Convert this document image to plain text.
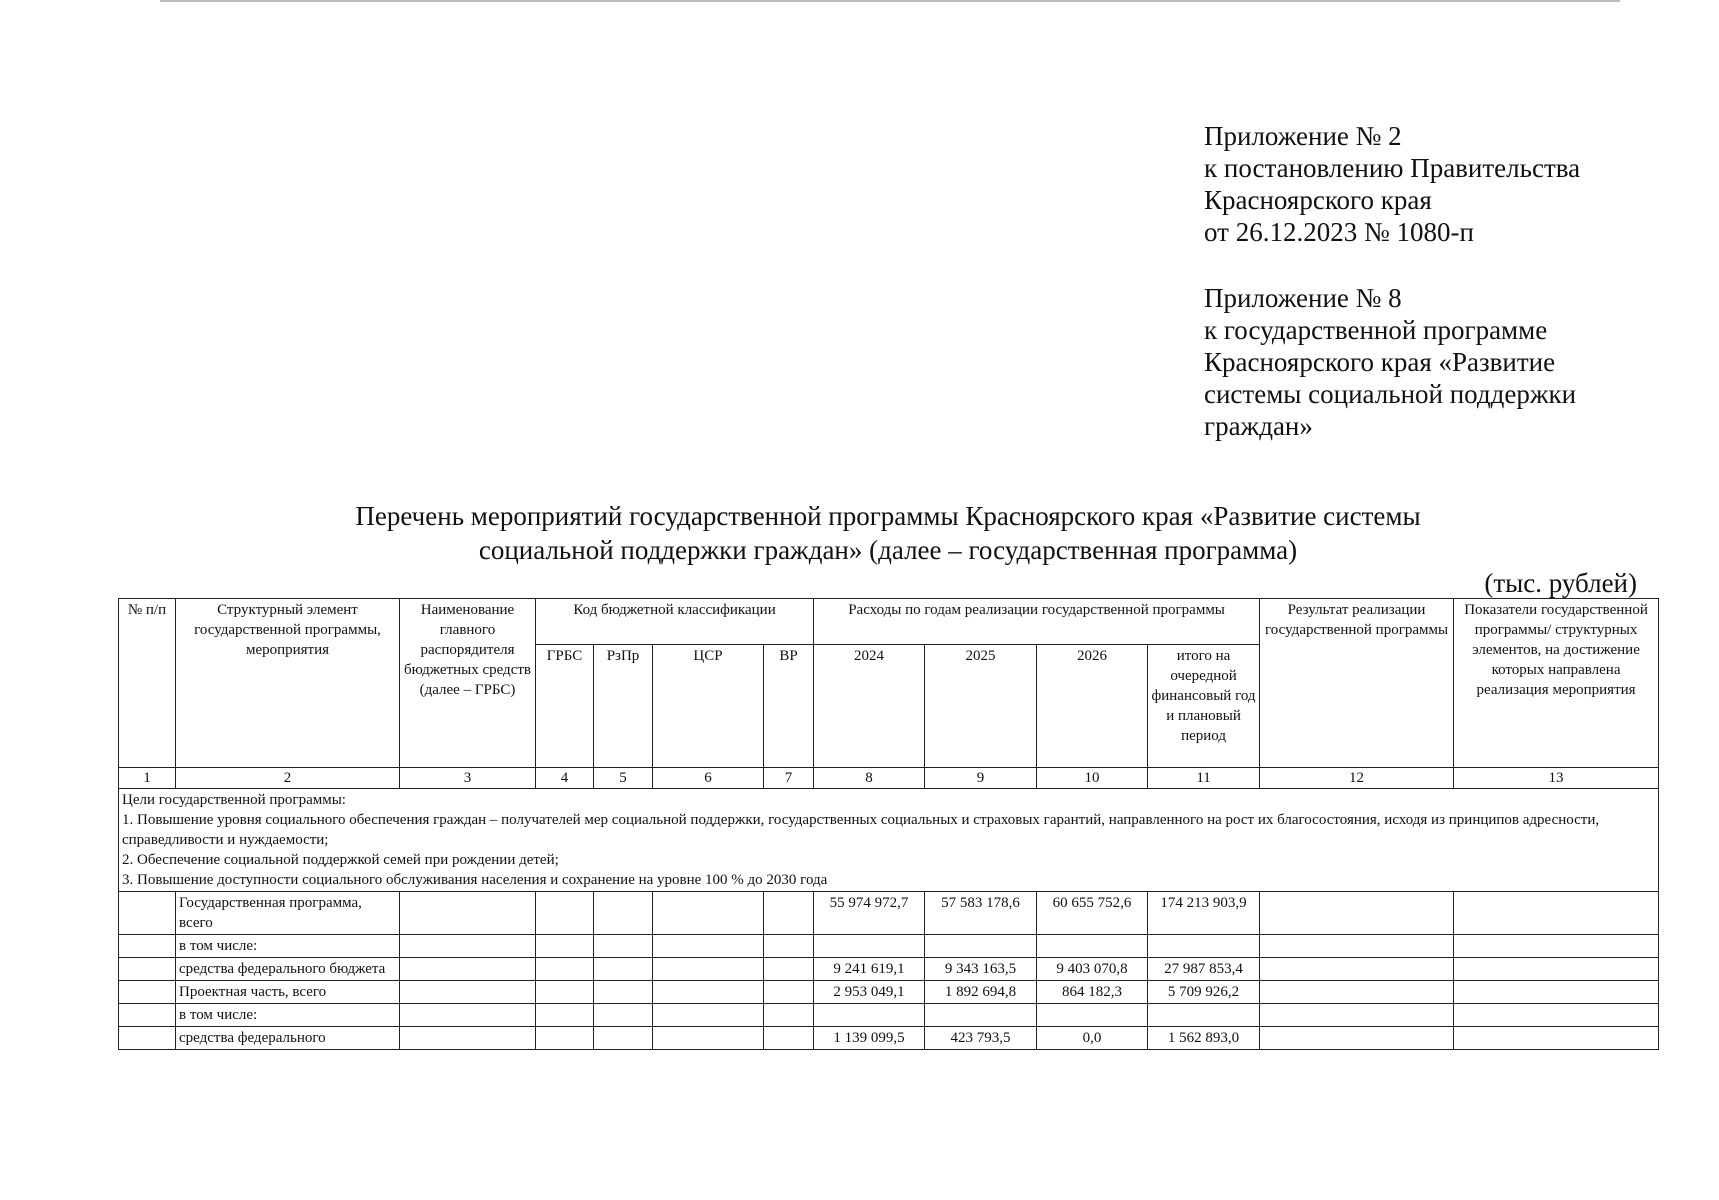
Приложение № 2
к постановлению Правительства
Красноярского края
от 26.12.2023 № 1080-п
Приложение № 8
к государственной программе
Красноярского края «Развитие
системы социальной поддержки
граждан»
Перечень мероприятий государственной программы Красноярского края «Развитие системы
социальной поддержки граждан» (далее – государственная программа)
(тыс. рублей)
№ п/п	Структурный элемент государственной программы, мероприятия	Наименование главного распорядителя бюджетных средств (далее – ГРБС)	Код бюджетной классификации				Расходы по годам реализации государственной программы				Результат реализации государственной программы	Показатели государственной программы/ структурных элементов, на достижение которых направлена реализация мероприятия
			ГРБС	РзПр	ЦСР	ВР	2024	2025	2026	итого на очередной финансовый год и плановый период		
1	2	3	4	5	6	7	8	9	10	11	12	13

Цели государственной программы:
1. Повышение уровня социального обеспечения граждан – получателей мер социальной поддержки, государственных социальных и страховых гарантий, направленного на рост их благосостояния, исходя из принципов адресности, справедливости и нуждаемости;
2. Обеспечение социальной поддержкой семей при рождении детей;
3. Повышение доступности социального обслуживания населения и сохранение на уровне 100 % до 2030 года												

	Государственная программа, всего						55 974 972,7	57 583 178,6	60 655 752,6	174 213 903,9		
	в том числе:											
	средства федерального бюджета						9 241 619,1	9 343 163,5	9 403 070,8	27 987 853,4		
	Проектная часть, всего						2 953 049,1	1 892 694,8	864 182,3	5 709 926,2		
	в том числе:											
	средства федерального						1 139 099,5	423 793,5	0,0	1 562 893,0		
